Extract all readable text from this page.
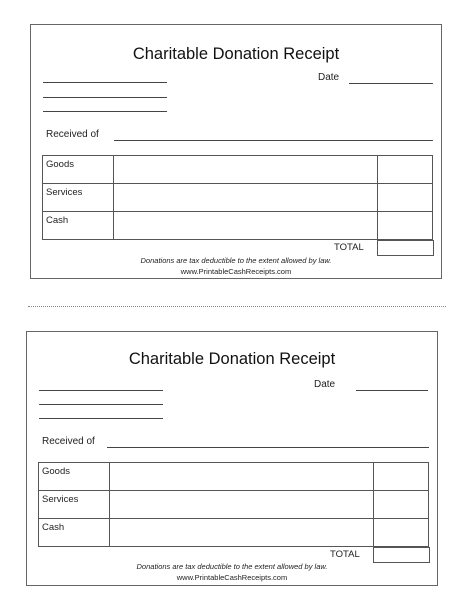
Charitable Donation Receipt
Date
Received of
Goods		
Services		
Cash		
TOTAL
Donations are tax deductible to the extent allowed by law.
www.PrintableCashReceipts.com
Charitable Donation Receipt
Date
Received of
Goods		
Services		
Cash		
TOTAL
Donations are tax deductible to the extent allowed by law.
www.PrintableCashReceipts.com
